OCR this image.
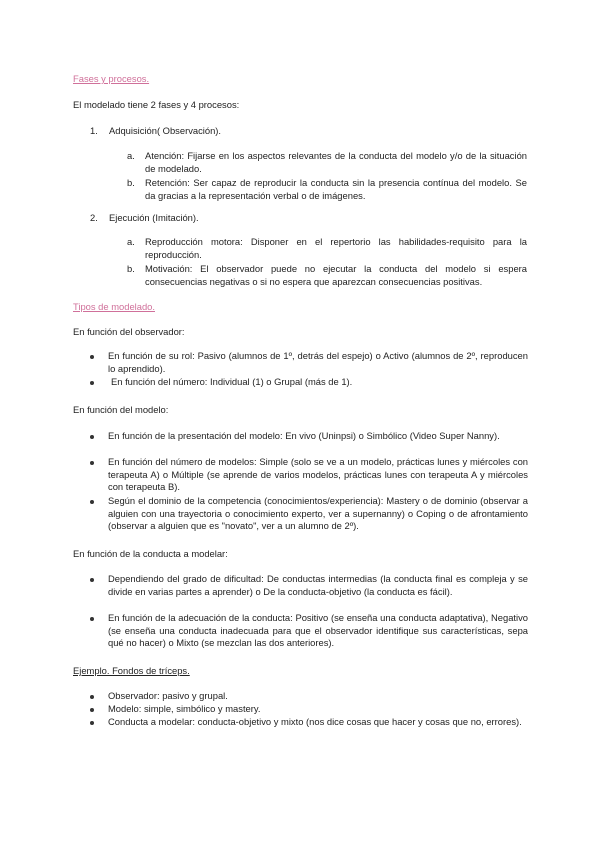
Fases y procesos.
El modelado tiene 2 fases y 4 procesos:
1. Adquisición( Observación).
a. Atención: Fijarse en los aspectos relevantes de la conducta del modelo y/o de la situación de modelado.
b. Retención: Ser capaz de reproducir la conducta sin la presencia contínua del modelo. Se da gracias a la representación verbal o de imágenes.
2. Ejecución (Imitación).
a. Reproducción motora: Disponer en el repertorio las habilidades-requisito para la reproducción.
b. Motivación: El observador puede no ejecutar la conducta del modelo si espera consecuencias negativas o si no espera que aparezcan consecuencias positivas.
Tipos de modelado.
En función del observador:
En función de su rol: Pasivo (alumnos de 1º, detrás del espejo) o Activo (alumnos de 2º, reproducen lo aprendido).
En función del número: Individual (1) o Grupal (más de 1).
En función del modelo:
En función de la presentación del modelo: En vivo (Uninpsi) o Simbólico (Video Super Nanny).
En función del número de modelos: Simple (solo se ve a un modelo, prácticas lunes y miércoles con terapeuta A) o Múltiple (se aprende de varios modelos, prácticas lunes con terapeuta A y miércoles con terapeuta B).
Según el dominio de la competencia (conocimientos/experiencia): Mastery o de dominio (observar a alguien con una trayectoria o conocimiento experto, ver a supernanny) o Coping o de afrontamiento (observar a alguien que es "novato", ver a un alumno de 2º).
En función de la conducta a modelar:
Dependiendo del grado de dificultad: De conductas intermedias (la conducta final es compleja y se divide en varias partes a aprender) o De la conducta-objetivo (la conducta es fácil).
En función de la adecuación de la conducta: Positivo (se enseña una conducta adaptativa), Negativo (se enseña una conducta inadecuada para que el observador identifique sus características, sepa qué no hacer) o Mixto (se mezclan las dos anteriores).
Ejemplo. Fondos de tríceps.
Observador: pasivo y grupal.
Modelo: simple, simbólico y mastery.
Conducta a modelar: conducta-objetivo y mixto (nos dice cosas que hacer y cosas que no, errores).
